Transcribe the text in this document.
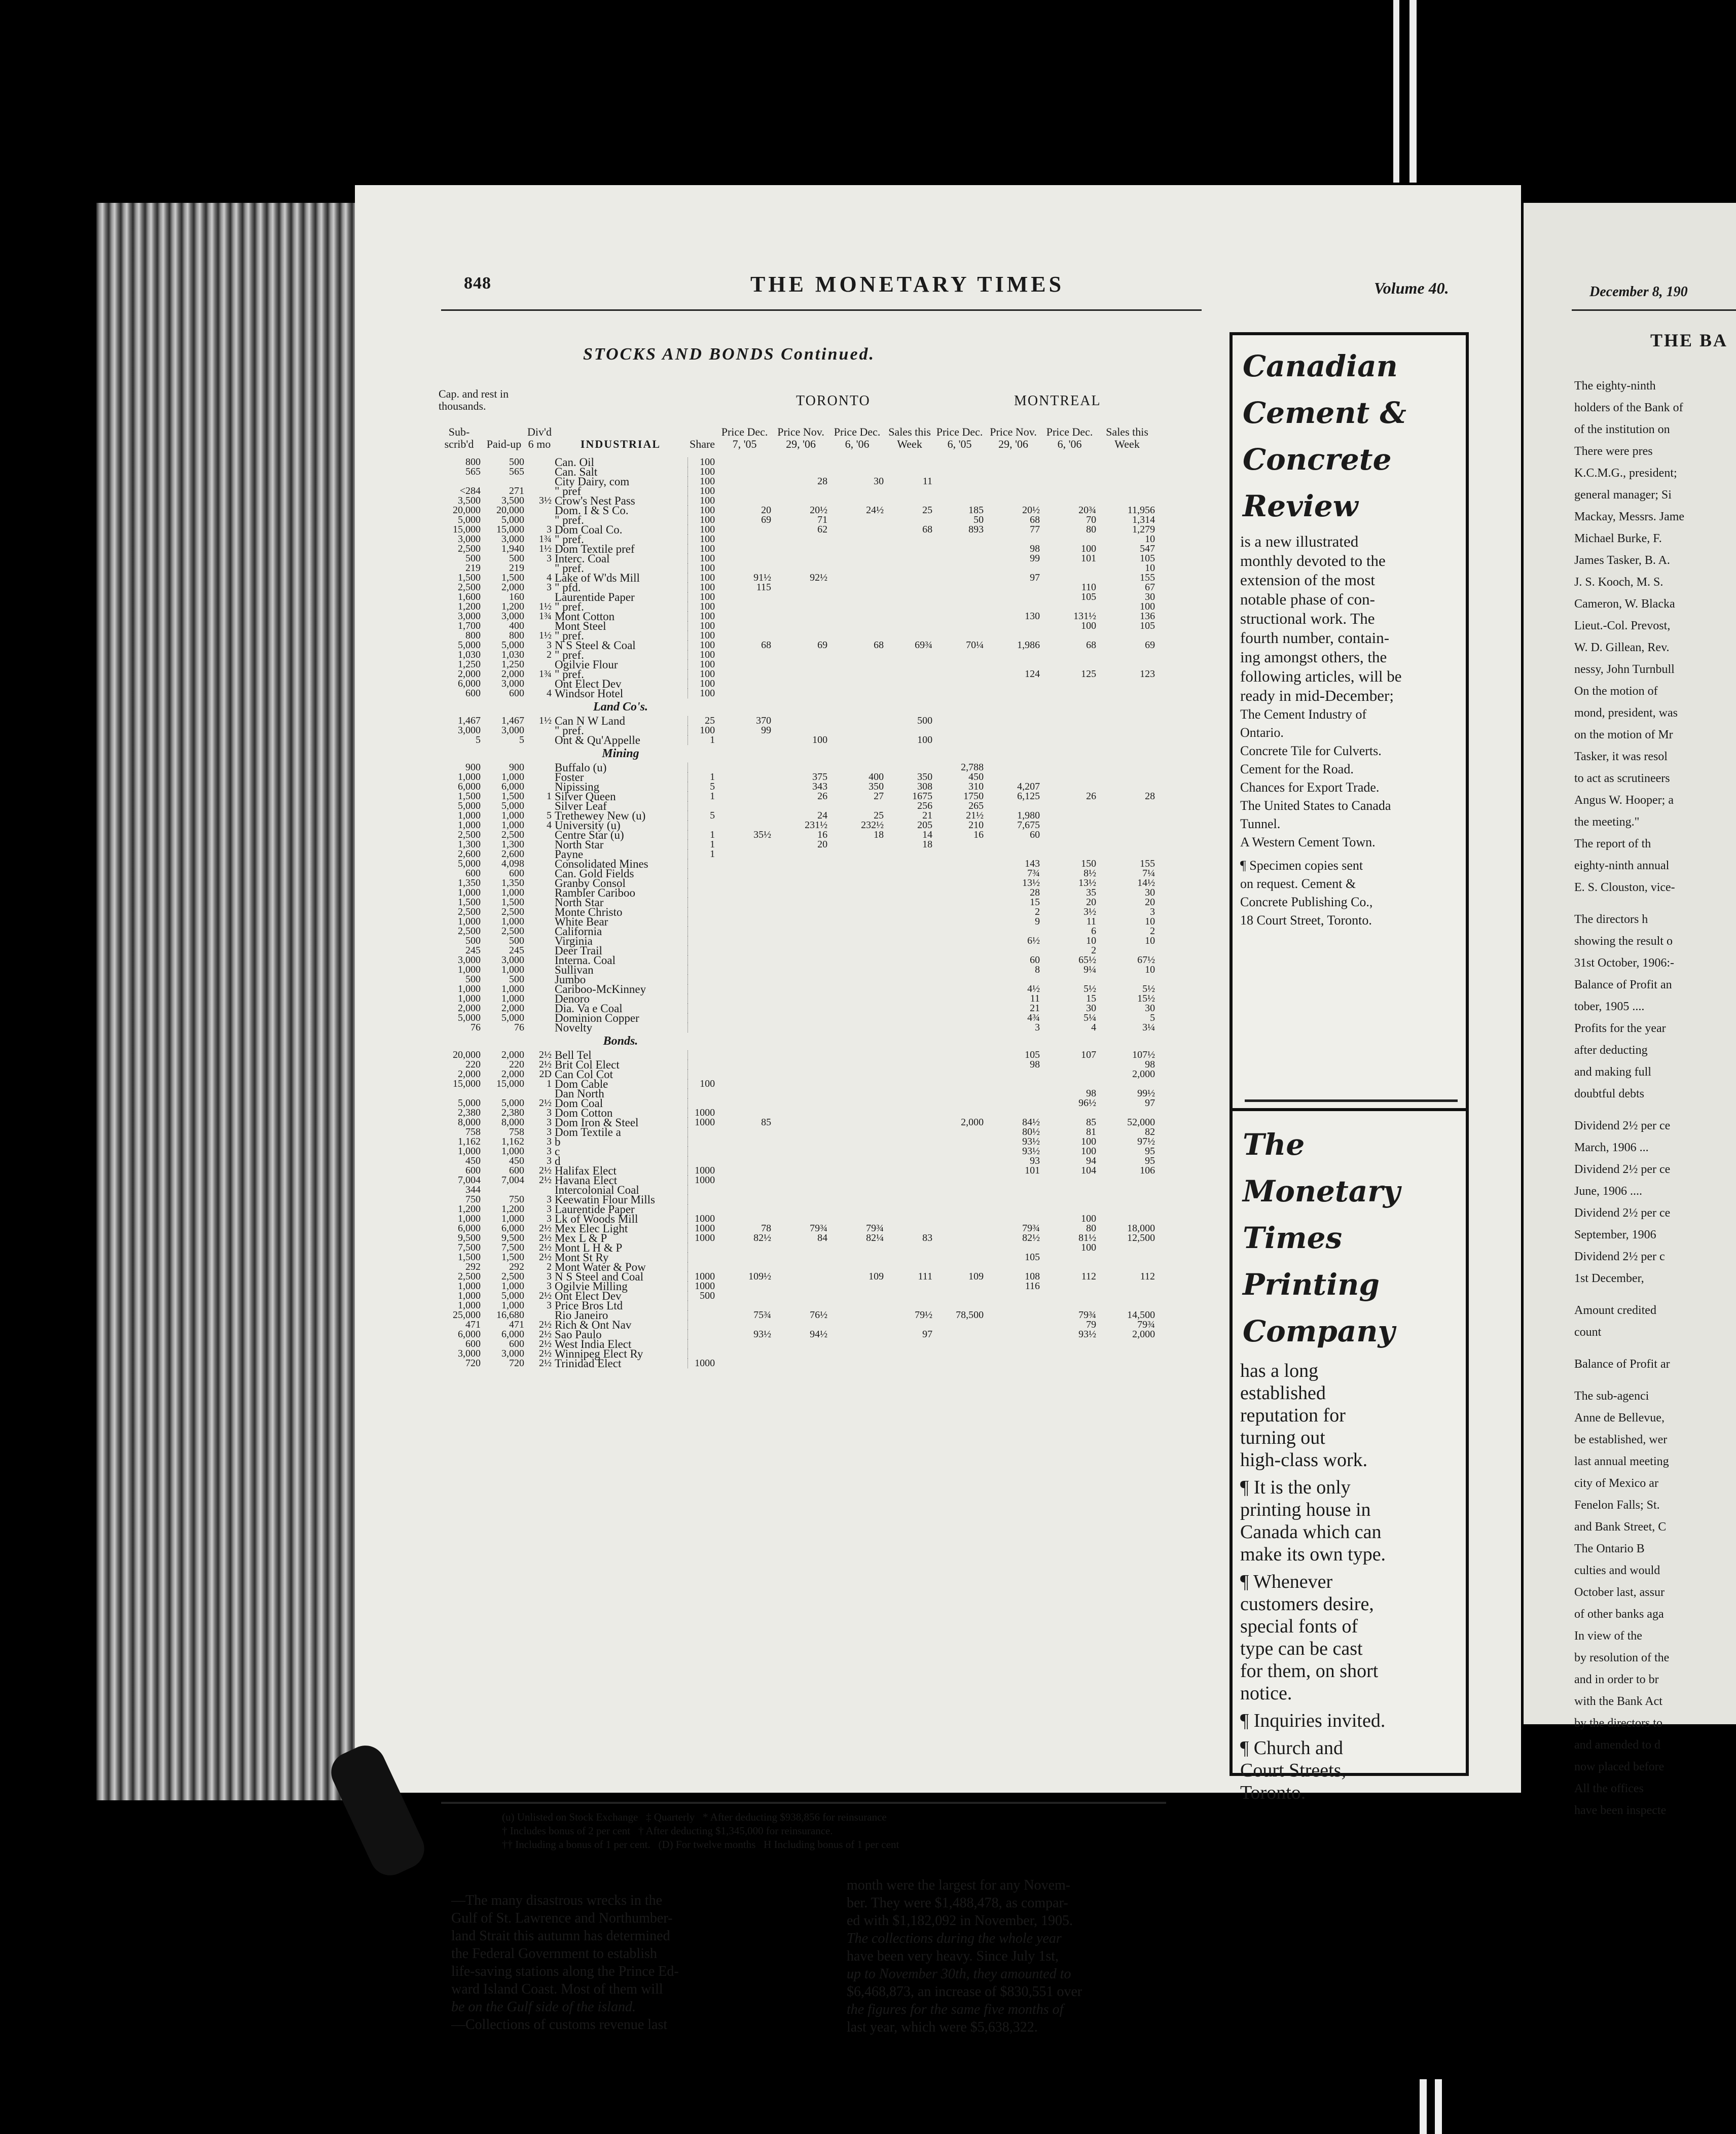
848	THE MONETARY TIMES	Volume 40.
STOCKS AND BONDS Continued.
Cap. and rest in thousands.	TORONTO	MONTREAL
Sub-scrib'd	Paid-up	Div'd 6 mo	INDUSTRIAL	Share	Price Dec. 7, '05	Price Nov. 29, '06	Price Dec. 6, '06	Sales this Week	Price Dec. 6, '05	Price Nov. 29, '06	Price Dec. 6, '06	Sales this Week
800	500		Can. Oil	100								
565	565		Can. Salt	100								
			City Dairy, com	100		28	30	11				
<284	271		" pref	100								
3,500	3,500	3½	Crow's Nest Pass	100								
20,000	20,000		Dom. I & S Co.	100	20	20½	24½	25	185	20½	20¾	11,956
5,000	5,000		" pref.	100	69	71			50	68	70	1,314
15,000	15,000	3	Dom Coal Co.	100		62		68	893	77	80	1,279
3,000	3,000	1¾	" pref.	100								10
2,500	1,940	1½	Dom Textile pref	100						98	100	547
500	500	3	Interc. Coal	100						99	101	105
219	219		" pref.	100								10
1,500	1,500	4	Lake of W'ds Mill	100	91½	92½				97		155
2,500	2,000	3	" pfd.	100	115						110	67
1,600	160		Laurentide Paper	100							105	30
1,200	1,200	1½	" pref.	100								100
3,000	3,000	1¾	Mont Cotton	100						130	131½	136
1,700	400		Mont Steel	100							100	105
800	800	1½	" pref.	100								
5,000	5,000	3	N S Steel & Coal	100	68	69	68	69¾	70¼	1,986	68	69
1,030	1,030	2	" pref.	100								
1,250	1,250		Ogilvie Flour	100								
2,000	2,000	1¾	" pref.	100						124	125	123
6,000	3,000		Ont Elect Dev	100								
600	600	4	Windsor Hotel	100								
			Land Co's.									
1,467	1,467	1½	Can N W Land	25	370			500				
3,000	3,000		" pref.	100	99							
5	5		Ont & Qu'Appelle	1		100		100				
			Mining									
900	900		Buffalo (u)						2,788			
1,000	1,000		Foster	1		375	400	350	450			
6,000	6,000		Nipissing	5		343	350	308	310	4,207		
1,500	1,500	1	Silver Queen	1		26	27	1675	1750	6,125	26	28
5,000	5,000		Silver Leaf					256	265			
1,000	1,000	5	Trethewey New (u)	5		24	25	21	21½	1,980		
1,000	1,000	4	University (u)			231½	232½	205	210	7,675		
2,500	2,500		Centre Star (u)	1	35½	16	18	14	16	60		
1,300	1,300		North Star	1		20		18				
2,600	2,600		Payne	1								
5,000	4,098		Consolidated Mines							143	150	155
600	600		Can. Gold Fields							7¾	8½	7¼
1,350	1,350		Granby Consol							13½	13½	14½
1,000	1,000		Rambler Cariboo							28	35	30
1,500	1,500		North Star							15	20	20
2,500	2,500		Monte Christo							2	3½	3
1,000	1,000		White Bear							9	11	10
2,500	2,500		California								6	2
500	500		Virginia							6½	10	10
245	245		Deer Trail								2	
3,000	3,000		Interna. Coal							60	65½	67½
1,000	1,000		Sullivan							8	9¼	10
500	500		Jumbo									
1,000	1,000		Cariboo-McKinney							4½	5½	5½
1,000	1,000		Denoro							11	15	15½
2,000	2,000		Dia. Va e Coal							21	30	30
5,000	5,000		Dominion Copper							4¾	5¼	5
76	76		Novelty							3	4	3¼
			Bonds.									
20,000	2,000	2½	Bell Tel							105	107	107½
220	220	2½	Brit Col Elect							98		98
2,000	2,000	2D	Can Col Cot									2,000
15,000	15,000	1	Dom Cable	100								
			Dan North								98	99½
5,000	5,000	2½	Dom Coal								96½	97
2,380	2,380	3	Dom Cotton	1000								
8,000	8,000	3	Dom Iron & Steel	1000	85				2,000	84½	85	52,000
758	758	3	Dom Textile a							80½	81	82
1,162	1,162	3	b							93½	100	97½
1,000	1,000	3	c							93½	100	95
450	450	3	d							93	94	95
600	600	2½	Halifax Elect	1000						101	104	106
7,004	7,004	2½	Havana Elect	1000								
344			Intercolonial Coal									
750	750	3	Keewatin Flour Mills									
1,200	1,200	3	Laurentide Paper									
1,000	1,000	3	Lk of Woods Mill	1000							100	
6,000	6,000	2½	Mex Elec Light	1000	78	79¾	79¾			79¾	80	18,000
9,500	9,500	2½	Mex L & P	1000	82½	84	82¼	83		82½	81½	12,500
7,500	7,500	2½	Mont L H & P								100	
1,500	1,500	2½	Mont St Ry							105		
292	292	2	Mont Water & Pow									
2,500	2,500	3	N S Steel and Coal	1000	109½		109	111	109	108	112	112
1,000	1,000	3	Ogilvie Milling	1000						116		
1,000	5,000	2½	Ont Elect Dev	500								
1,000	1,000	3	Price Bros Ltd									
25,000	16,680		Rio Janeiro		75¾	76½		79½	78,500		79¾	14,500
471	471	2½	Rich & Ont Nav								79	79¾
6,000	6,000	2½	Sao Paulo		93½	94½		97			93½	2,000
600	600	2½	West India Elect									
3,000	3,000	2½	Winnipeg Elect Ry									
720	720	2½	Trinidad Elect	1000								
(u) Unlisted on Stock Exchange ‡ Quarterly * After deducting $938,856 for reinsurance
† Includes bonus of 2 per cent † After deducting $1,345,000 for reinsurance.
†† Including a bonus of 1 per cent. (D) For twelve months H Including bonus of 1 per cent
—The many disastrous wrecks in the
Gulf of St. Lawrence and Northumber-
land Strait this autumn has determined
the Federal Government to establish
life-saving stations along the Prince Ed-
ward Island Coast. Most of them will
be on the Gulf side of the island.
—Collections of customs revenue last
month were the largest for any Novem-
ber. They were $1,488,478, as compar-
ed with $1,182,092 in November, 1905.
The collections during the whole year
have been very heavy. Since July 1st,
up to November 30th, they amounted to
$6,468,873, an increase of $830,551 over
the figures for the same five months of
last year, which were $5,638,322.
Canadian
Cement &
Concrete
Review
is a new illustrated
monthly devoted to the
extension of the most
notable phase of con-
structional work. The
fourth number, contain-
ing amongst others, the
following articles, will be
ready in mid-December;
The Cement Industry of
Ontario.
Concrete Tile for Culverts.
Cement for the Road.
Chances for Export Trade.
The United States to Canada
Tunnel.
A Western Cement Town.
¶ Specimen copies sent
on request. Cement &
Concrete Publishing Co.,
18 Court Street, Toronto.
The
Monetary
Times
Printing
Company
has a long
established
reputation for
turning out
high-class work.
¶ It is the only
printing house in
Canada which can
make its own type.
¶ Whenever
customers desire,
special fonts of
type can be cast
for them, on short
notice.
¶ Inquiries invited.
¶ Church and
Court Streets,
Toronto.
December 8, 190
THE BA
The eighty-ninth
holders of the Bank of
of the institution on
There were pres
K.C.M.G., president;
general manager; Si
Mackay, Messrs. Jame
Michael Burke, F.
James Tasker, B. A.
J. S. Kooch, M. S.
Cameron, W. Blacka
Lieut.-Col. Prevost,
W. D. Gillean, Rev.
nessy, John Turnbull
On the motion of
mond, president, was
on the motion of Mr
Tasker, it was resol
to act as scrutineers
Angus W. Hooper; a
the meeting."
The report of th
eighty-ninth annual
E. S. Clouston, vice-
The directors h
showing the result o
31st October, 1906:-
Balance of Profit an
tober, 1905 ....
Profits for the year
after deducting
and making full
doubtful debts
Dividend 2½ per ce
March, 1906 ...
Dividend 2½ per ce
June, 1906 ....
Dividend 2½ per ce
September, 1906
Dividend 2½ per c
1st December,
Amount credited
count
Balance of Profit ar
The sub-agenci
Anne de Bellevue,
be established, wer
last annual meeting
city of Mexico ar
Fenelon Falls; St.
and Bank Street, C
The Ontario B
culties and would
October last, assur
of other banks aga
In view of the
by resolution of the
and in order to br
with the Bank Act
by the directors to
and amended to d
now placed before
All the offices
have been inspecte
